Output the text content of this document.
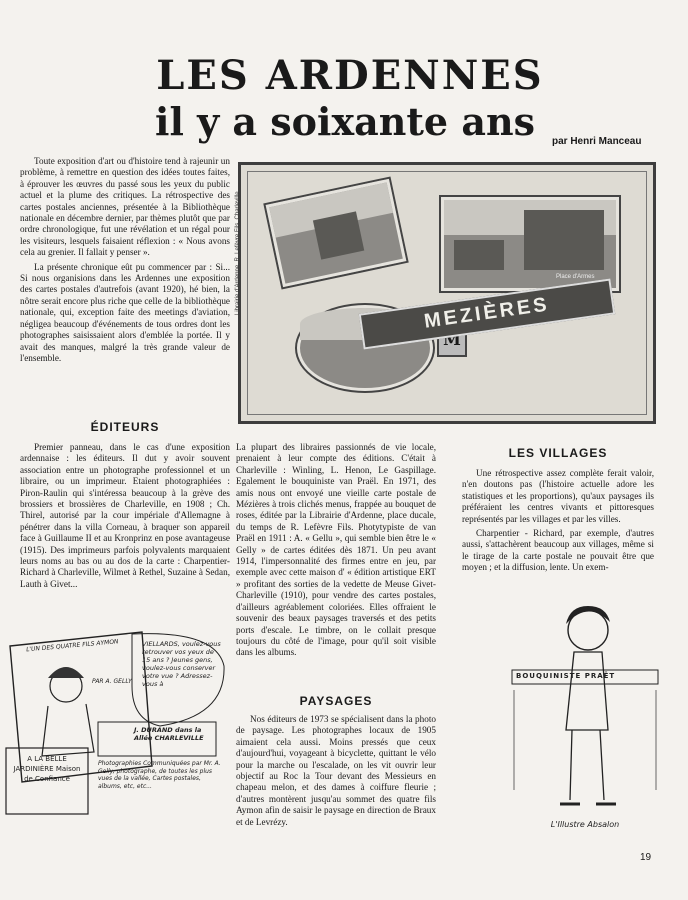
LES ARDENNES
il y a soixante ans	par Henri Manceau

Toute exposition d'art ou d'histoire tend à rajeunir un problème, à remettre en question des idées toutes faites, à éprouver les œuvres du passé sous les yeux du public actuel et la plume des critiques. La rétrospective des cartes postales anciennes, présentée à la Bibliothèque nationale en décembre dernier, par thèmes plutôt que par ordre chronologique, fut une révélation et un régal pour les visiteurs, lesquels faisaient réflexion : « Nous avons cela au grenier. Il fallait y penser ».

La présente chronique eût pu commencer par : Si... Si nous organisions dans les Ardennes une exposition des cartes postales d'autrefois (avant 1920), hé bien, la nôtre serait encore plus riche que celle de la bibliothèque nationale, qui, exception faite des meetings d'aviation, négligea beaucoup d'événements de tous ordres dont les photographes saisissaient alors d'emblée la portée. Il y avait des manques, malgré la très grande valeur de l'ensemble.

Place d'Armes
M
Librairie d'Ardenne, R. Lefèvre Fils, Charleville	MEZIÈRES
ÉDITEURS

Premier panneau, dans le cas d'une exposition ardennaise : les éditeurs. Il dut y avoir souvent association entre un photographe professionnel et un libraire, ou un imprimeur. Etaient photographiées : Piron-Raulin qui s'intéressa beaucoup à la grève des brossiers et brossières de Charleville, en 1908 ; Ch. Thirel, autorisé par la cour impériale d'Allemagne à pénétrer dans la villa Corneau, à braquer son appareil face à Guillaume II et au Kronprinz en pose avantageuse (1915). Des imprimeurs parfois polyvalents marquaient leurs noms au bas ou au dos de la carte : Charpentier-Richard à Charleville, Wilmet à Rethel, Suzaine à Sedan, Lauth à Givet...

La plupart des libraires passionnés de vie locale, prenaient à leur compte des éditions. C'était à Charleville : Winling, L. Henon, Le Gaspillage. Egalement le bouquiniste van Praël. En 1971, des amis nous ont envoyé une vieille carte postale de Mézières à trois clichés menus, frappée au bouquet de roses, éditée par la Librairie d'Ardenne, place ducale, du temps de R. Lefèvre Fils. Photytypiste de van Praël en 1911 : A. « Gellu », qui semble bien être le « Gelly » de cartes éditées dès 1871. Un peu avant 1914, l'impersonnalité des firmes entre en jeu, par exemple avec cette maison d' « édition artistique ERT » profitant des sorties de la vedette de Meuse Givet-Charleville (1910), pour vendre des cartes postales, d'ailleurs agréablement coloriées. Elles offraient le souvenir des beaux paysages traversés et des petits ports d'escale. Le timbre, on le collait presque toujours du côté de l'image, pour qu'il soit visible dans les albums.

PAYSAGES

Nos éditeurs de 1973 se spécialisent dans la photo de paysage. Les photographes locaux de 1905 aimaient cela aussi. Moins pressés que ceux d'aujourd'hui, voyageant à bicyclette, quittant le vélo pour la marche ou l'escalade, on les vit ouvrir leur objectif au Roc la Tour devant des Messieurs en chapeau melon, et des dames à coiffure fleurie ; d'autres montèrent jusqu'au sommet des quatre fils Aymon afin de saisir le paysage en direction de Braux et de Levrézy.

LES VILLAGES

Une rétrospective assez complète ferait valoir, n'en doutons pas (l'histoire actuelle adore les statistiques et les proportions), qu'aux paysages ils préféraient les centres vivants et pittoresques représentés par les villages et par les villes.

Charpentier - Richard, par exemple, d'autres aussi, s'attachèrent beaucoup aux villages, même si le tirage de la carte postale ne pouvait être que moyen ; et la diffusion, lente. Un exem-

L'UN DES QUATRE FILS AYMON
PAR A. GELLY
VIELLARDS, voulez-vous retrouver vos yeux de 15 ans ? Jeunes gens, voulez-vous conserver votre vue ? Adressez-vous à
J. DURAND dans la Allée CHARLEVILLE
A LA BELLE JARDINIÈRE Maison de Confiance
Photographies Communiquées par Mr. A. Gelly, photographe, de toutes les plus vues de la vallée, Cartes postales, albums, etc, etc...
BOUQUINISTE PRAËT
L'Illustre Absalon
19
